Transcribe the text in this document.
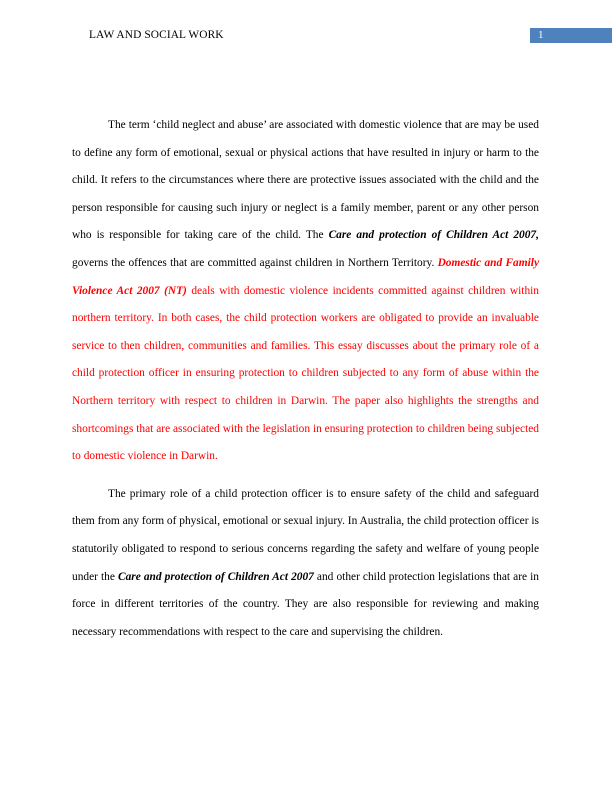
LAW AND SOCIAL WORK	1

The term ‘child neglect and abuse’ are associated with domestic violence that are may be used to define any form of emotional, sexual or physical actions that have resulted in injury or harm to the child. It refers to the circumstances where there are protective issues associated with the child and the person responsible for causing such injury or neglect is a family member, parent or any other person who is responsible for taking care of the child. The Care and protection of Children Act 2007, governs the offences that are committed against children in Northern Territory. Domestic and Family Violence Act 2007 (NT) deals with domestic violence incidents committed against children within northern territory. In both cases, the child protection workers are obligated to provide an invaluable service to then children, communities and families. This essay discusses about the primary role of a child protection officer in ensuring protection to children subjected to any form of abuse within the Northern territory with respect to children in Darwin. The paper also highlights the strengths and shortcomings that are associated with the legislation in ensuring protection to children being subjected to domestic violence in Darwin.

The primary role of a child protection officer is to ensure safety of the child and safeguard them from any form of physical, emotional or sexual injury. In Australia, the child protection officer is statutorily obligated to respond to serious concerns regarding the safety and welfare of young people under the Care and protection of Children Act 2007 and other child protection legislations that are in force in different territories of the country. They are also responsible for reviewing and making necessary recommendations with respect to the care and supervising the children.
